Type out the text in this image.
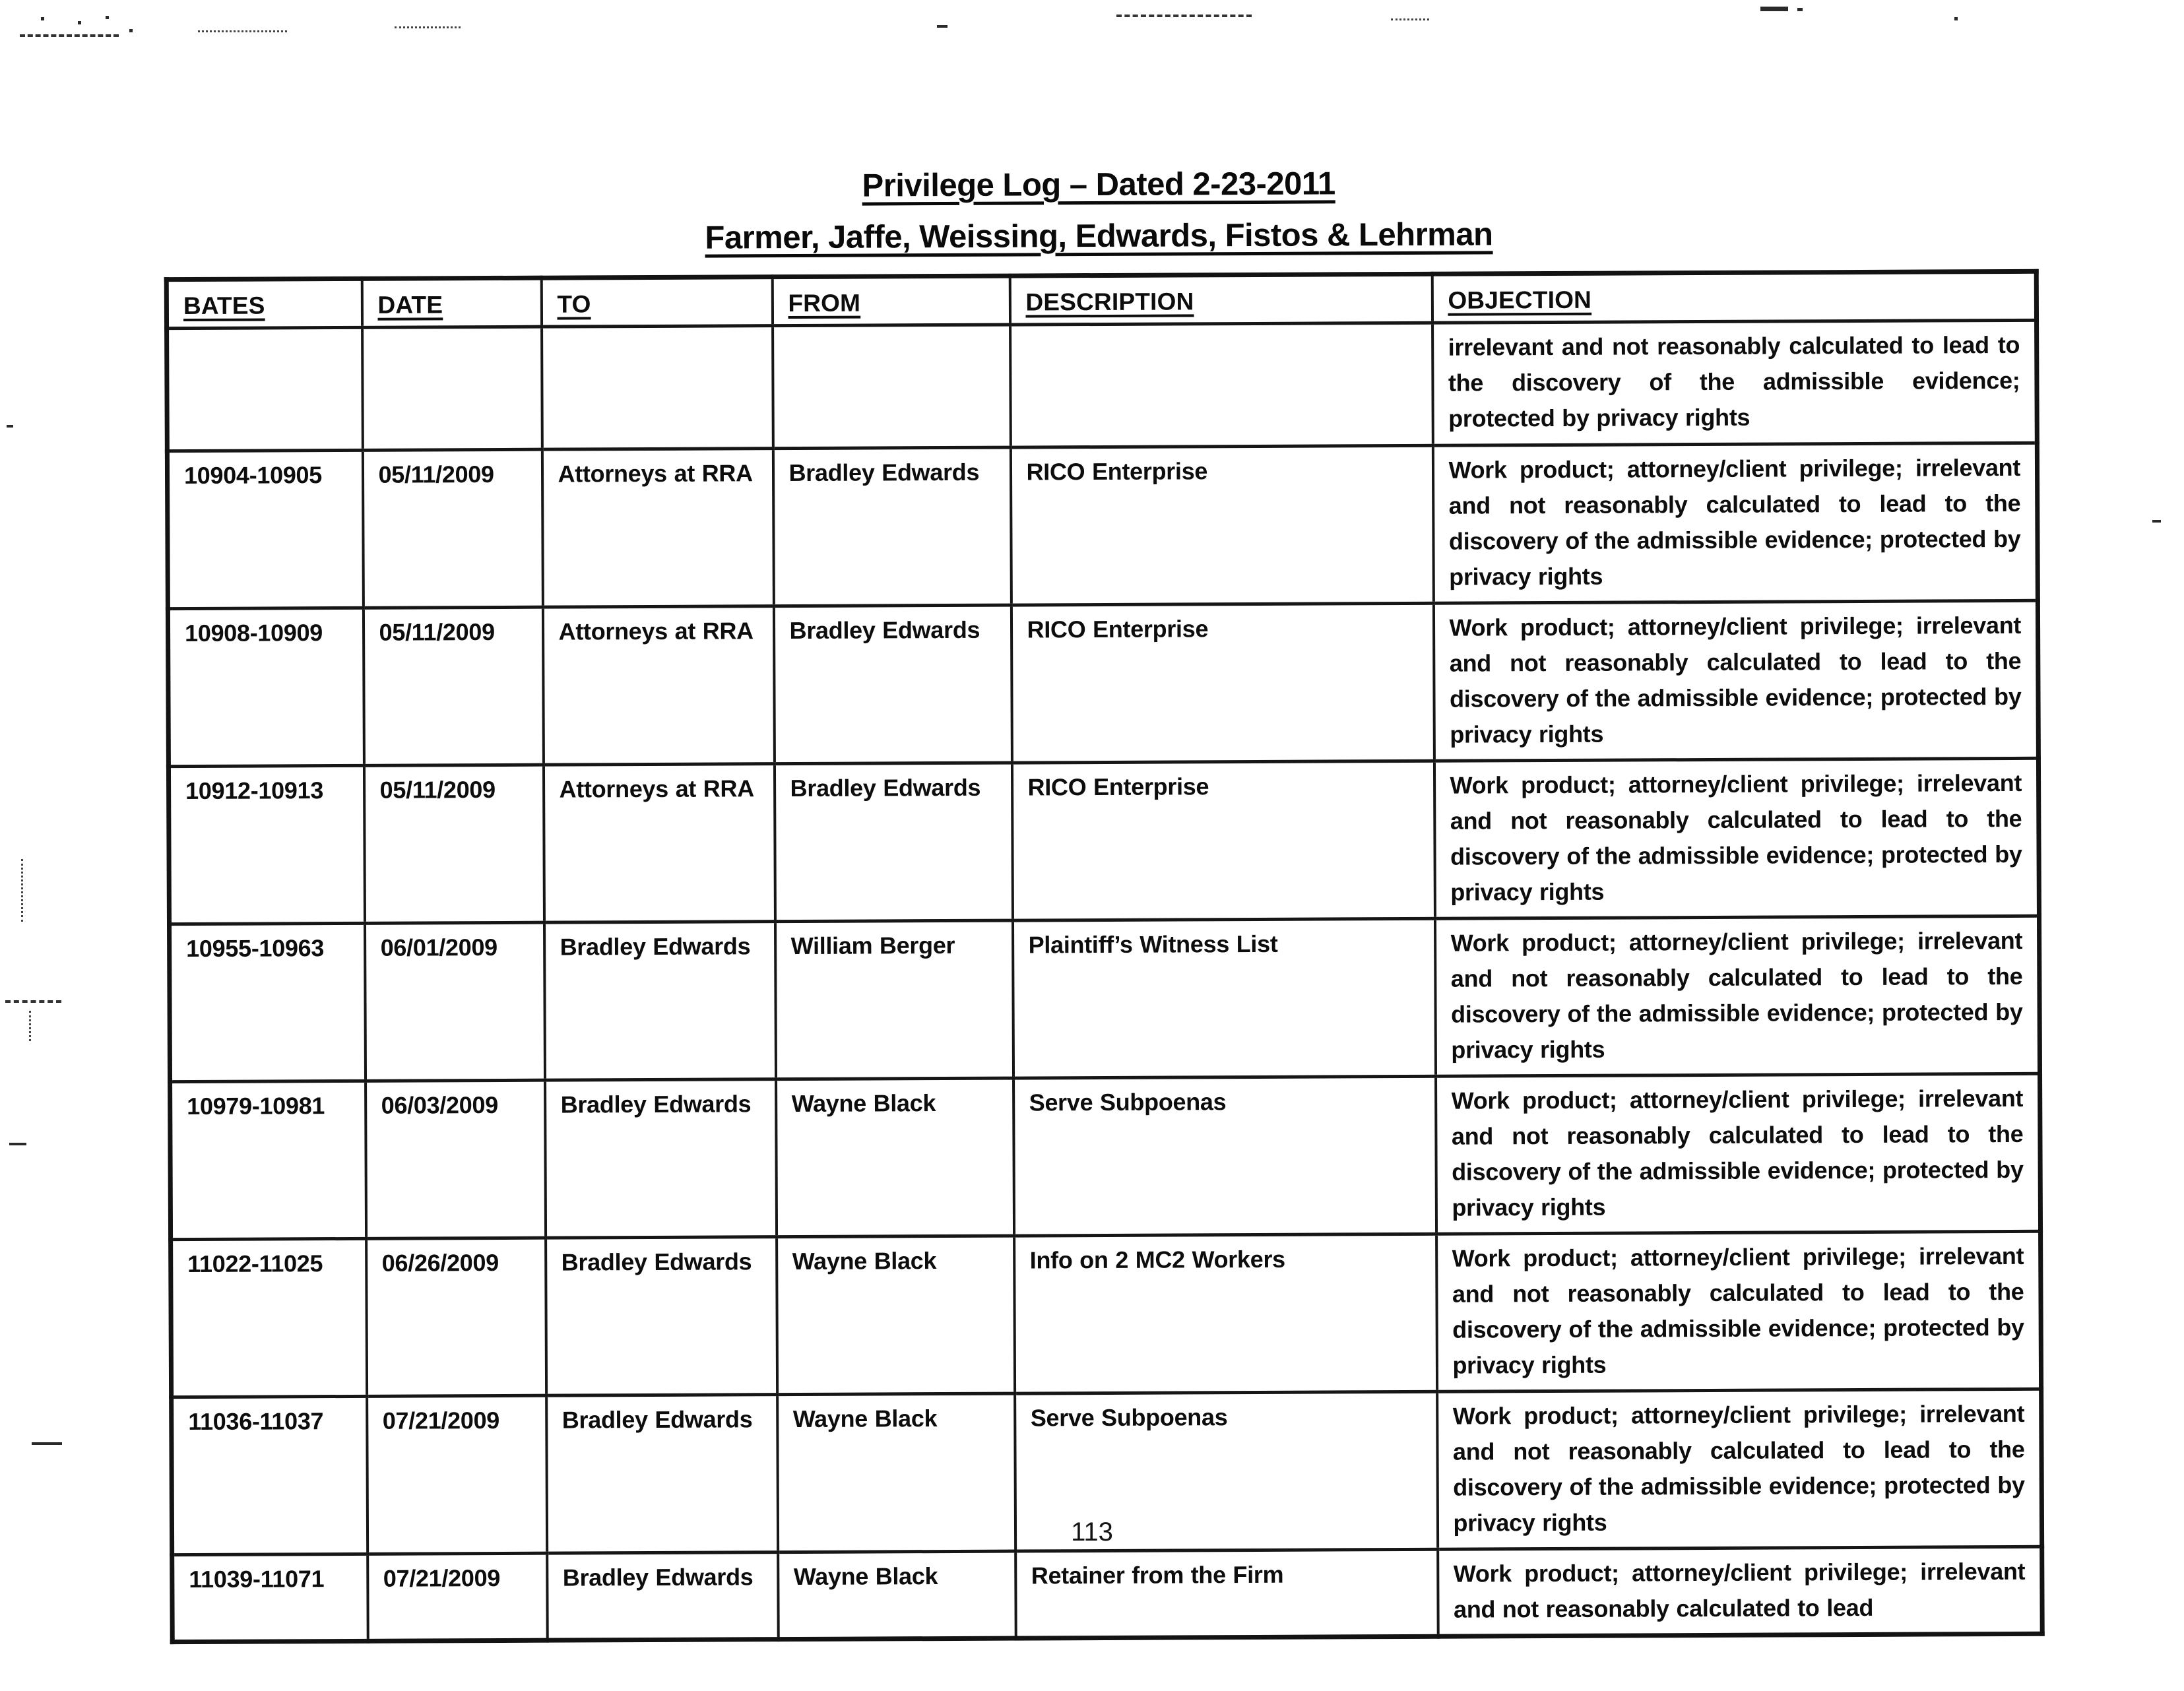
Privilege Log – Dated 2-23-2011
Farmer, Jaffe, Weissing, Edwards, Fistos & Lehrman
BATES	DATE	TO	FROM	DESCRIPTION	OBJECTION
					irrelevant and not reasonably calculated to lead to the discovery of the admissible evidence; protected by privacy rights
10904-10905	05/11/2009	Attorneys at RRA	Bradley Edwards	RICO Enterprise	Work product; attorney/client privilege; irrelevant and not reasonably calculated to lead to the discovery of the admissible evidence; protected by privacy rights
10908-10909	05/11/2009	Attorneys at RRA	Bradley Edwards	RICO Enterprise	Work product; attorney/client privilege; irrelevant and not reasonably calculated to lead to the discovery of the admissible evidence; protected by privacy rights
10912-10913	05/11/2009	Attorneys at RRA	Bradley Edwards	RICO Enterprise	Work product; attorney/client privilege; irrelevant and not reasonably calculated to lead to the discovery of the admissible evidence; protected by privacy rights
10955-10963	06/01/2009	Bradley Edwards	William Berger	Plaintiff’s Witness List	Work product; attorney/client privilege; irrelevant and not reasonably calculated to lead to the discovery of the admissible evidence; protected by privacy rights
10979-10981	06/03/2009	Bradley Edwards	Wayne Black	Serve Subpoenas	Work product; attorney/client privilege; irrelevant and not reasonably calculated to lead to the discovery of the admissible evidence; protected by privacy rights
11022-11025	06/26/2009	Bradley Edwards	Wayne Black	Info on 2 MC2 Workers	Work product; attorney/client privilege; irrelevant and not reasonably calculated to lead to the discovery of the admissible evidence; protected by privacy rights
11036-11037	07/21/2009	Bradley Edwards	Wayne Black	Serve Subpoenas	Work product; attorney/client privilege; irrelevant and not reasonably calculated to lead to the discovery of the admissible evidence; protected by privacy rights
11039-11071	07/21/2009	Bradley Edwards	Wayne Black	Retainer from the Firm	Work product; attorney/client privilege; irrelevant and not reasonably calculated to lead
113
